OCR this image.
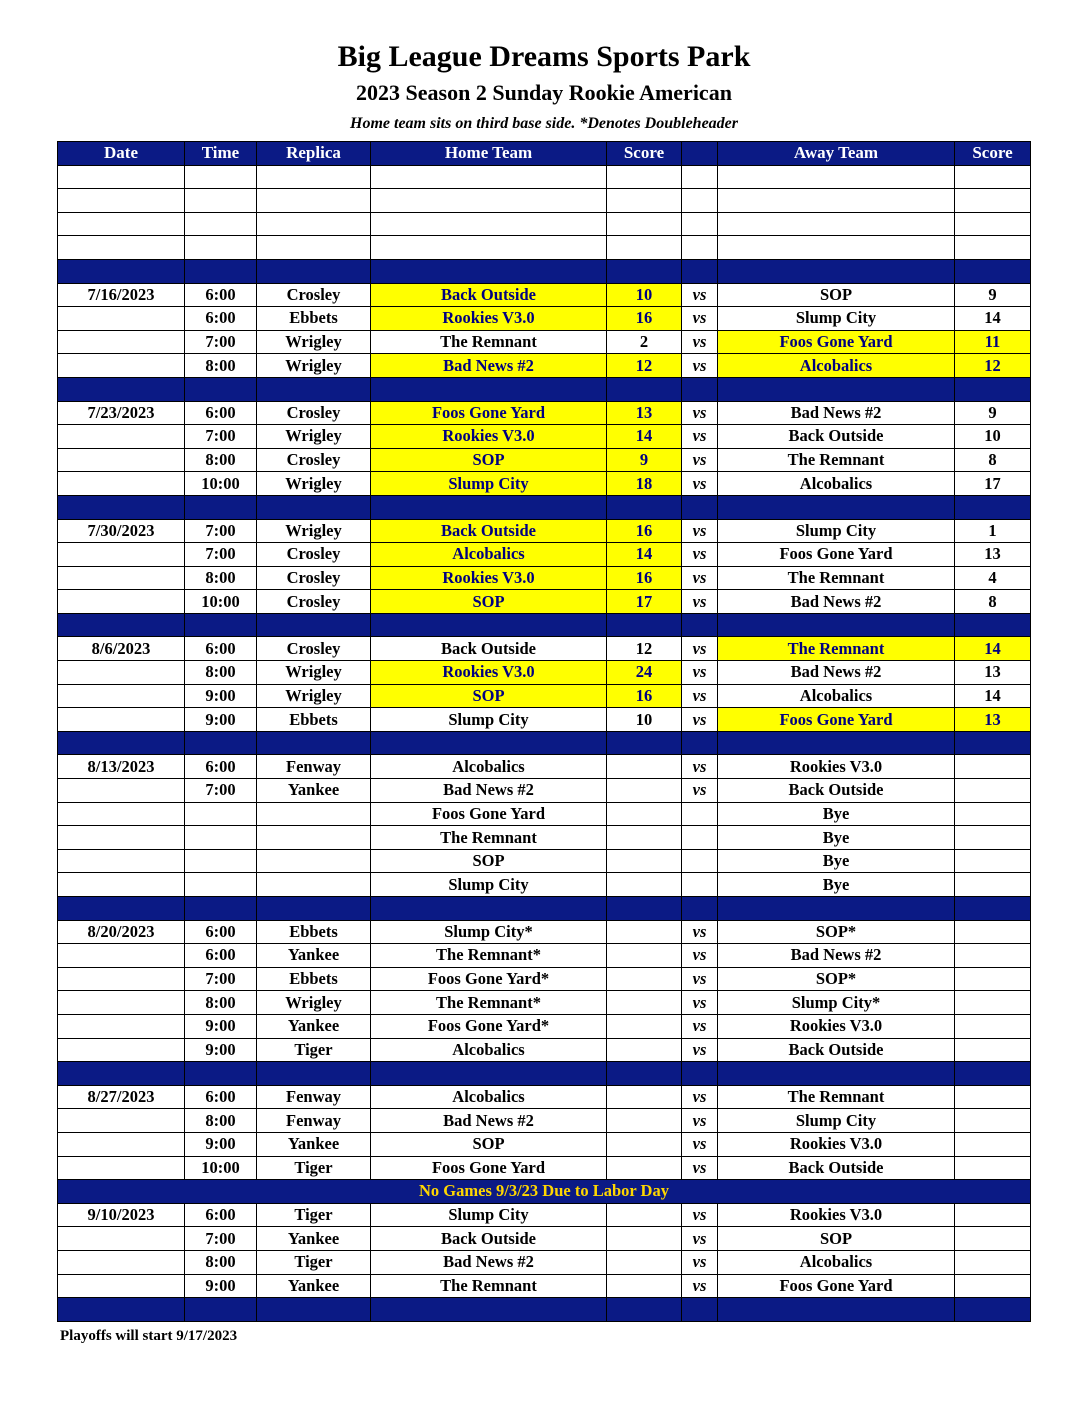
Big League Dreams Sports Park
2023 Season 2 Sunday Rookie American
Home team sits on third base side. *Denotes Doubleheader
Date	Time	Replica	Home Team	Score		Away Team	Score

7/16/2023	6:00	Crosley	Back Outside	10	vs	SOP	9
	6:00	Ebbets	Rookies V3.0	16	vs	Slump City	14
	7:00	Wrigley	The Remnant	2	vs	Foos Gone Yard	11
	8:00	Wrigley	Bad News #2	12	vs	Alcobalics	12

7/23/2023	6:00	Crosley	Foos Gone Yard	13	vs	Bad News #2	9
	7:00	Wrigley	Rookies V3.0	14	vs	Back Outside	10
	8:00	Crosley	SOP	9	vs	The Remnant	8
	10:00	Wrigley	Slump City	18	vs	Alcobalics	17

7/30/2023	7:00	Wrigley	Back Outside	16	vs	Slump City	1
	7:00	Crosley	Alcobalics	14	vs	Foos Gone Yard	13
	8:00	Crosley	Rookies V3.0	16	vs	The Remnant	4
	10:00	Crosley	SOP	17	vs	Bad News #2	8

8/6/2023	6:00	Crosley	Back Outside	12	vs	The Remnant	14
	8:00	Wrigley	Rookies V3.0	24	vs	Bad News #2	13
	9:00	Wrigley	SOP	16	vs	Alcobalics	14
	9:00	Ebbets	Slump City	10	vs	Foos Gone Yard	13

8/13/2023	6:00	Fenway	Alcobalics		vs	Rookies V3.0	
	7:00	Yankee	Bad News #2		vs	Back Outside	
			Foos Gone Yard			Bye	
			The Remnant			Bye	
			SOP			Bye	
			Slump City			Bye	

8/20/2023	6:00	Ebbets	Slump City*		vs	SOP*	
	6:00	Yankee	The Remnant*		vs	Bad News #2	
	7:00	Ebbets	Foos Gone Yard*		vs	SOP*	
	8:00	Wrigley	The Remnant*		vs	Slump City*	
	9:00	Yankee	Foos Gone Yard*		vs	Rookies V3.0	
	9:00	Tiger	Alcobalics		vs	Back Outside	

8/27/2023	6:00	Fenway	Alcobalics		vs	The Remnant	
	8:00	Fenway	Bad News #2		vs	Slump City	
	9:00	Yankee	SOP		vs	Rookies V3.0	
	10:00	Tiger	Foos Gone Yard		vs	Back Outside	
No Games 9/3/23 Due to Labor Day							
9/10/2023	6:00	Tiger	Slump City		vs	Rookies V3.0	
	7:00	Yankee	Back Outside		vs	SOP	
	8:00	Tiger	Bad News #2		vs	Alcobalics	
	9:00	Yankee	The Remnant		vs	Foos Gone Yard	

Playoffs will start 9/17/2023
